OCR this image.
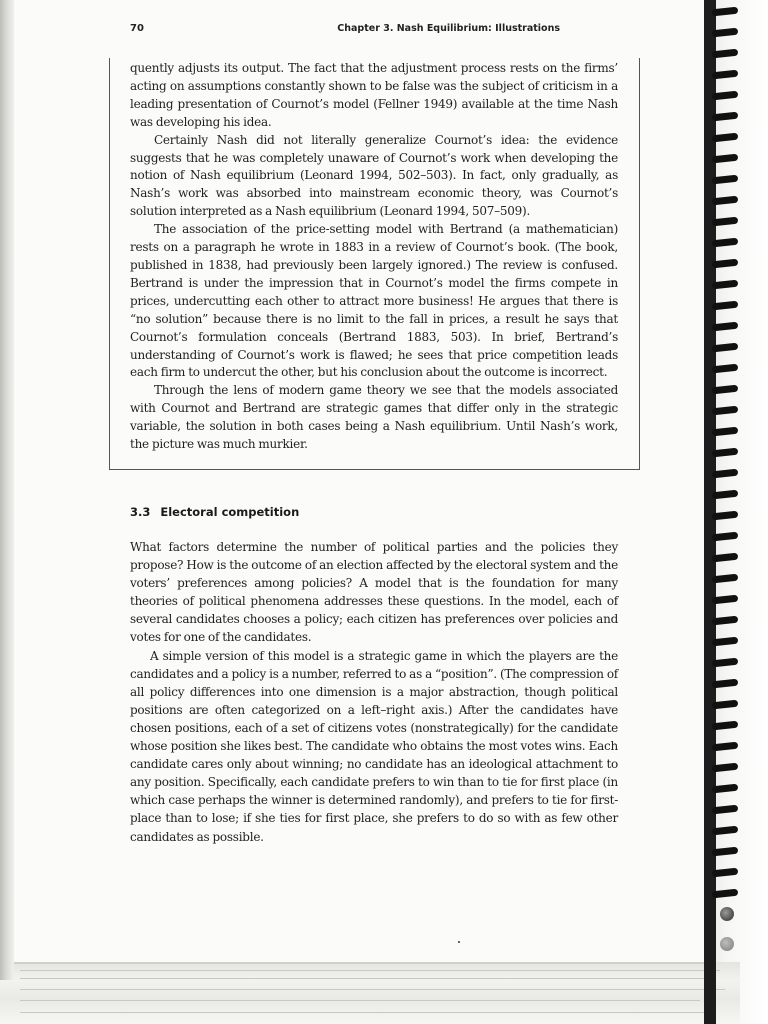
70	Chapter 3. Nash Equilibrium: Illustrations

quently adjusts its output. The fact that the adjustment process rests on the firms’ acting on assumptions constantly shown to be false was the subject of criticism in a leading presentation of Cournot’s model (Fellner 1949) available at the time Nash was developing his idea.

Certainly Nash did not literally generalize Cournot’s idea: the evidence suggests that he was completely unaware of Cournot’s work when developing the notion of Nash equilibrium (Leonard 1994, 502–503). In fact, only gradually, as Nash’s work was absorbed into mainstream economic theory, was Cournot’s solution interpreted as a Nash equilibrium (Leonard 1994, 507–509).

The association of the price-setting model with Bertrand (a mathematician) rests on a paragraph he wrote in 1883 in a review of Cournot’s book. (The book, published in 1838, had previously been largely ignored.) The review is confused. Bertrand is under the impression that in Cournot’s model the firms compete in prices, undercutting each other to attract more business! He argues that there is “no solution” because there is no limit to the fall in prices, a result he says that Cournot’s formulation conceals (Bertrand 1883, 503). In brief, Bertrand’s understanding of Cournot’s work is flawed; he sees that price competition leads each firm to undercut the other, but his conclusion about the outcome is incorrect.

Through the lens of modern game theory we see that the models associated with Cournot and Bertrand are strategic games that differ only in the strategic variable, the solution in both cases being a Nash equilibrium. Until Nash’s work, the picture was much murkier.

3.3 Electoral competition

What factors determine the number of political parties and the policies they propose? How is the outcome of an election affected by the electoral system and the voters’ preferences among policies? A model that is the foundation for many theories of political phenomena addresses these questions. In the model, each of several candidates chooses a policy; each citizen has preferences over policies and votes for one of the candidates.

A simple version of this model is a strategic game in which the players are the candidates and a policy is a number, referred to as a “position”. (The compression of all policy differences into one dimension is a major abstraction, though political positions are often categorized on a left–right axis.) After the candidates have chosen positions, each of a set of citizens votes (nonstrategically) for the candidate whose position she likes best. The candidate who obtains the most votes wins. Each candidate cares only about winning; no candidate has an ideological attachment to any position. Specifically, each candidate prefers to win than to tie for first place (in which case perhaps the winner is determined randomly), and prefers to tie for first-place than to lose; if she ties for first place, she prefers to do so with as few other candidates as possible.
